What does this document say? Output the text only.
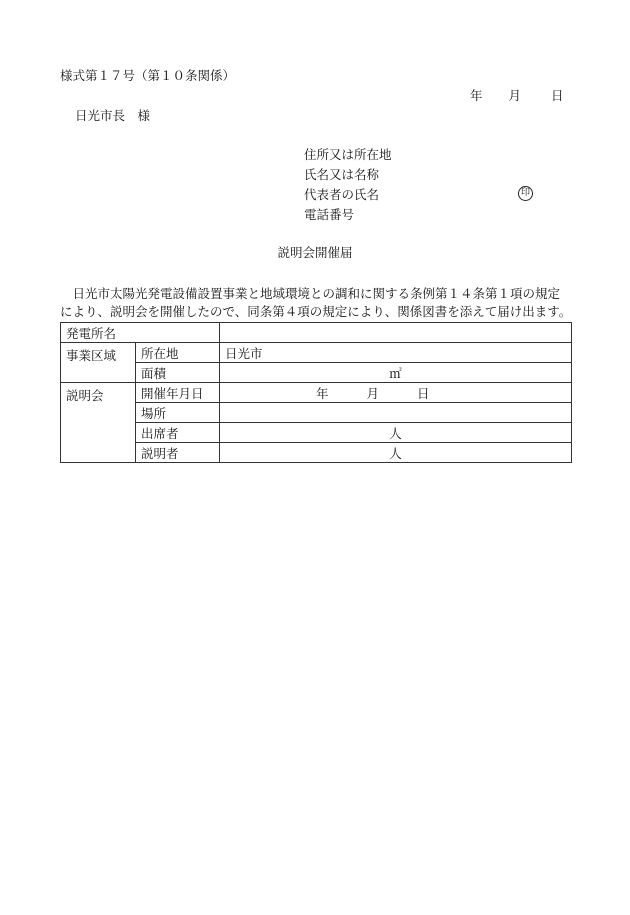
様式第１７号（第１０条関係）
年 月 日
日光市長　様
住所又は所在地
氏名又は名称
代表者の氏名	印
電話番号
説明会開催届
　日光市太陽光発電設備設置事業と地域環境との調和に関する条例第１４条第１項の規定
により、説明会を開催したので、同条第４項の規定により、関係図書を添えて届け出ます。
発電所名		
事業区域	所在地	日光市
	面積	㎡
説明会	開催年月日	年 月 日
	場所	
	出席者	人
	説明者	人
